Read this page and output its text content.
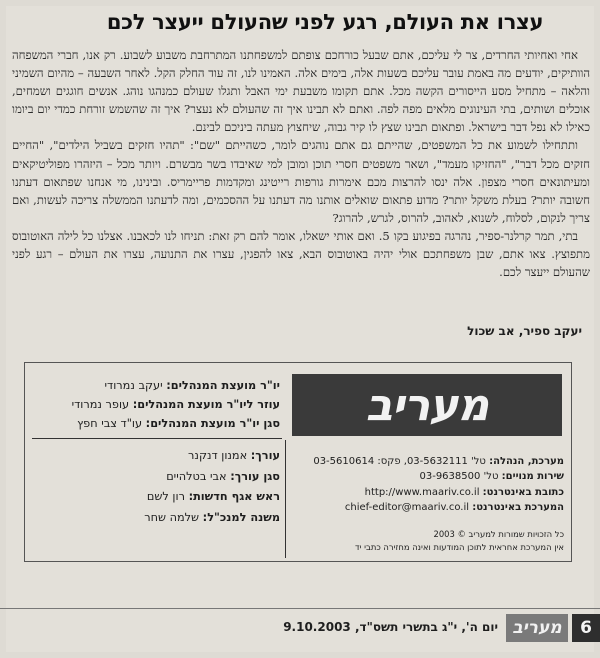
עצרו את העולם, רגע לפני שהעולם ייעצר לכם

אחי ואחיותי החרדים, צר לי עליכם, אתם שבעל כורחכם צופתם למשפחתנו המתרחבת משבוע לשבוע. רק אנו, חברי המשפחה הוותיקים, יודעים מה באמת עובר עליכם בשעות אלה, בימים אלה. האמינו לנו, זה עוד החלק הקל. לאחר השבעה – מהיום השמיני והלאה – מתחיל מסע הייסורים הקשה מכל. אתם תקומו משבעת ימי האבל ותגלו שעולם כמנהגו נוהג. אנשים חוגגים ושמחים, אוכלים ושותים, בתי העינוגים מלאים מפה לפה. ואתם לא תבינו איך זה שהעולם לא נעצר? איך זה שהשמש זורחת כמדי יום ביומו כאילו לא נפל דבר בישראל. ופתאום תבינו שצץ לו קיר גבוה, שיחצוץ מעתה ביניכם לבינם.

ותתחילו לשמוע את כל המשפטים, שהייתם גם אתם נוהגים לומר, כשהייתם "שם": "תהיו חזקים בשביל הילדים", "החיים חזקים מכל דבר", "החזיקו מעמד", ושאר משפטים חסרי תוכן ומובן למי שאיבדו בשר מבשרם. ויותר מכל – היזהרו מפוליטיקאים ומעיתונאים חסרי מצפון. אלה ינסו להרצות מכם אימרות גורפות רייטינג ומקדמות פריימריס. ובינינו, מי אנחנו שפתאום דעתנו חשובה יותר? בעלת משקל יותר? מדוע פתאום שואלים אותנו מה דעתנו על ההסכמים, ומה לדעתנו הממשלה צריכה לעשות, ואם צריך לנקום, לסלוח, לשנוא, לאהוב, להרוס, לגרש, להרוג?

בתי, תמר קרלנר-ספיר, נהרגה בפיגוע בקו 5. ואם אותי ישאלו, אומר להם רק זאת: תניחו לנו לכאבנו. אצלנו כל לילה האוטובוס מתפוצץ. צאו אתם, שבן משפחתכם אולי יהיה באוטובוס הבא, צאו להפגין, עצרו את התנועה, עצרו את העולם – רגע לפני שהעולם ייעצר לכם.

יעקב ספיר, אב שכול
מעריב
יו"ר מועצת המנהלים: יעקב נמרודי
עוזר ליו"ר מועצת המנהלים: עופר נמרודי
סגן יו"ר מועצת המנהלים: עו"ד צבי חפץ
עורך: אמנון דנקנר
סגן עורך: אבי בטלהיים
ראש אגף חדשות: רון לשם
משנה למנכ"ל: שלמה שחר
מערכת, הנהלה: טל' 03-5632111, פקס: 03-5610614
שירות מנויים: טל' 03-9638500
כתובת באינטרנט: http://www.maariv.co.il
המערכת באינטרנט: chief-editor@maariv.co.il
כל הזכויות שמורות למעריב © 2003
אין המערכת אחראית לתוכן המודעות ואינה מחזירה כתבי יד
6
מעריב
יום ה', י"ג בתשרי תשס"ד, 9.10.2003
